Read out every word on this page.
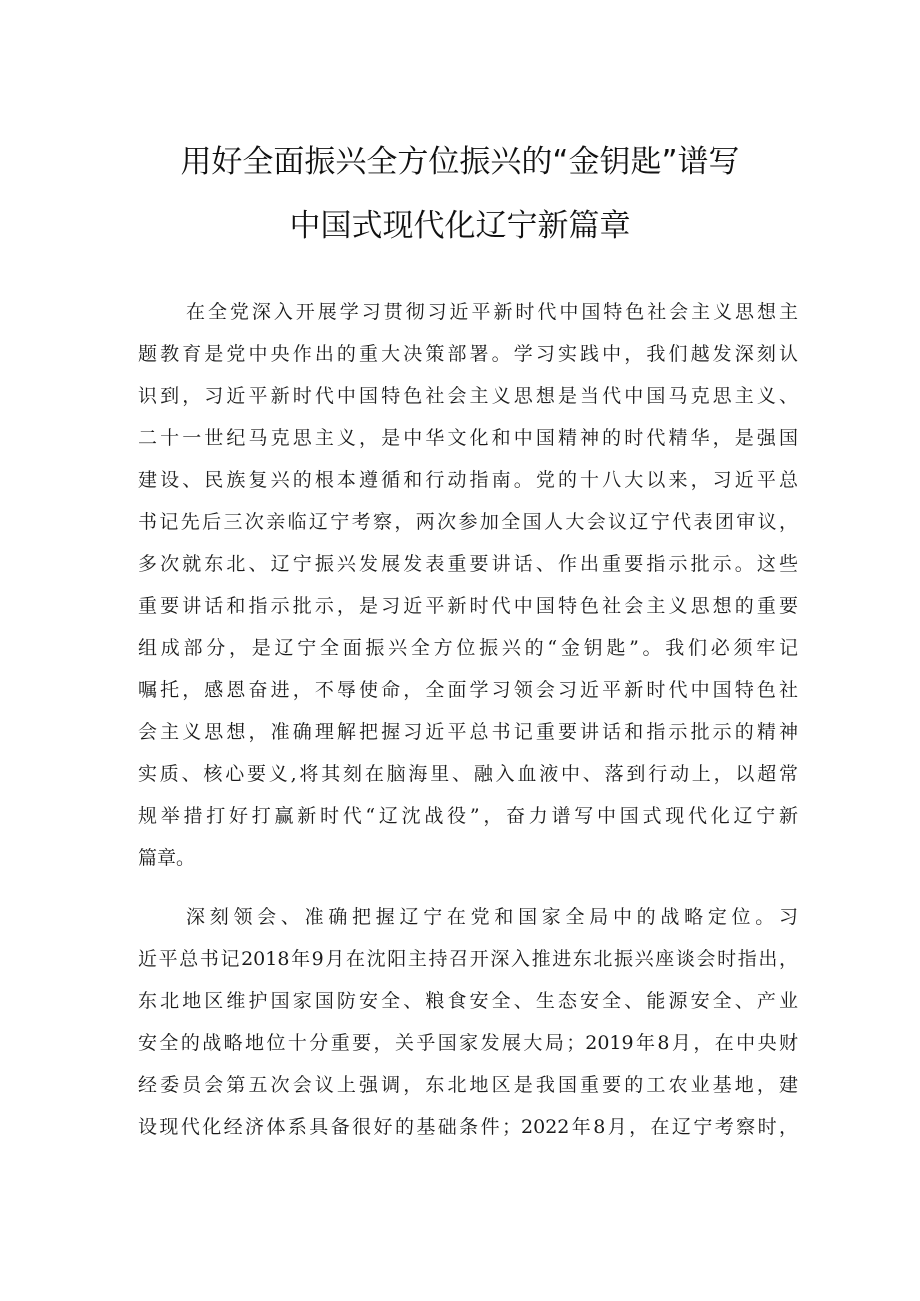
用好全面振兴全方位振兴的“金钥匙”谱写
中国式现代化辽宁新篇章
在全党深入开展学习贯彻习近平新时代中国特色社会主义思想主
题教育是党中央作出的重大决策部署。学习实践中，我们越发深刻认
识到，习近平新时代中国特色社会主义思想是当代中国马克思主义、
二十一世纪马克思主义，是中华文化和中国精神的时代精华，是强国
建设、民族复兴的根本遵循和行动指南。党的十八大以来，习近平总
书记先后三次亲临辽宁考察，两次参加全国人大会议辽宁代表团审议，
多次就东北、辽宁振兴发展发表重要讲话、作出重要指示批示。这些
重要讲话和指示批示，是习近平新时代中国特色社会主义思想的重要
组成部分，是辽宁全面振兴全方位振兴的“金钥匙”。我们必须牢记
嘱托，感恩奋进，不辱使命，全面学习领会习近平新时代中国特色社
会主义思想，准确理解把握习近平总书记重要讲话和指示批示的精神
实质、核心要义,将其刻在脑海里、融入血液中、落到行动上，以超常
规举措打好打赢新时代“辽沈战役”，奋力谱写中国式现代化辽宁新
篇章。
深刻领会、准确把握辽宁在党和国家全局中的战略定位。习
近平总书记2018年9月在沈阳主持召开深入推进东北振兴座谈会时指出，
东北地区维护国家国防安全、粮食安全、生态安全、能源安全、产业
安全的战略地位十分重要，关乎国家发展大局；2019年8月，在中央财
经委员会第五次会议上强调，东北地区是我国重要的工农业基地，建
设现代化经济体系具备很好的基础条件；2022年8月，在辽宁考察时，
